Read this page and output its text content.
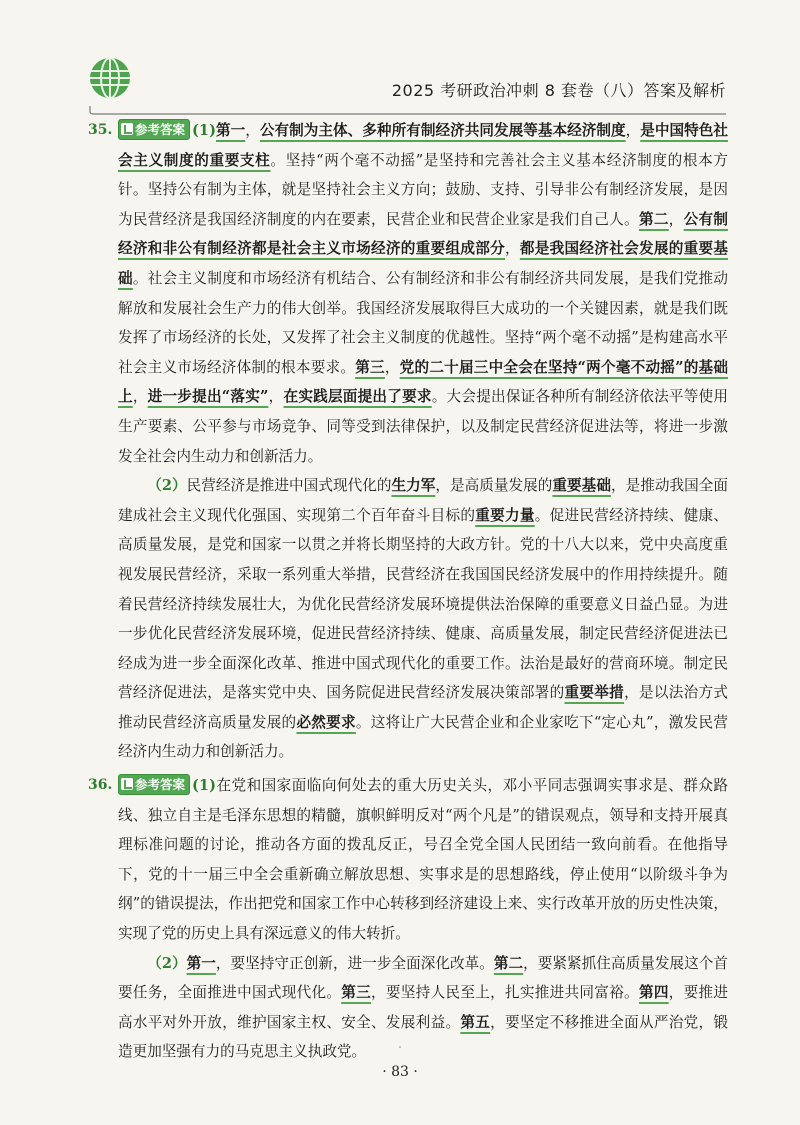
2025 考研政治冲刺 8 套卷（八）答案及解析
35.	参考答案 (1)第一，公有制为主体、多种所有制经济共同发展等基本经济制度，是中国特色社会主义制度的重要支柱。坚持“两个毫不动摇”是坚持和完善社会主义基本经济制度的根本方针。坚持公有制为主体，就是坚持社会主义方向；鼓励、支持、引导非公有制经济发展，是因为民营经济是我国经济制度的内在要素，民营企业和民营企业家是我们自己人。第二，公有制经济和非公有制经济都是社会主义市场经济的重要组成部分，都是我国经济社会发展的重要基础。社会主义制度和市场经济有机结合、公有制经济和非公有制经济共同发展，是我们党推动解放和发展社会生产力的伟大创举。我国经济发展取得巨大成功的一个关键因素，就是我们既发挥了市场经济的长处，又发挥了社会主义制度的优越性。坚持“两个毫不动摇”是构建高水平社会主义市场经济体制的根本要求。第三，党的二十届三中全会在坚持“两个毫不动摇”的基础上，进一步提出“落实”，在实践层面提出了要求。大会提出保证各种所有制经济依法平等使用生产要素、公平参与市场竞争、同等受到法律保护，以及制定民营经济促进法等，将进一步激发全社会内生动力和创新活力。
（2）民营经济是推进中国式现代化的生力军，是高质量发展的重要基础，是推动我国全面建成社会主义现代化强国、实现第二个百年奋斗目标的重要力量。促进民营经济持续、健康、高质量发展，是党和国家一以贯之并将长期坚持的大政方针。党的十八大以来，党中央高度重视发展民营经济，采取一系列重大举措，民营经济在我国国民经济发展中的作用持续提升。随着民营经济持续发展壮大，为优化民营经济发展环境提供法治保障的重要意义日益凸显。为进一步优化民营经济发展环境，促进民营经济持续、健康、高质量发展，制定民营经济促进法已经成为进一步全面深化改革、推进中国式现代化的重要工作。法治是最好的营商环境。制定民营经济促进法，是落实党中央、国务院促进民营经济发展决策部署的重要举措，是以法治方式推动民营经济高质量发展的必然要求。这将让广大民营企业和企业家吃下“定心丸”，激发民营经济内生动力和创新活力。
36.	参考答案 (1)在党和国家面临向何处去的重大历史关头，邓小平同志强调实事求是、群众路线、独立自主是毛泽东思想的精髓，旗帜鲜明反对“两个凡是”的错误观点，领导和支持开展真理标准问题的讨论，推动各方面的拨乱反正，号召全党全国人民团结一致向前看。在他指导下，党的十一届三中全会重新确立解放思想、实事求是的思想路线，停止使用“以阶级斗争为纲”的错误提法，作出把党和国家工作中心转移到经济建设上来、实行改革开放的历史性决策，实现了党的历史上具有深远意义的伟大转折。
（2）第一，要坚持守正创新，进一步全面深化改革。第二，要紧紧抓住高质量发展这个首要任务，全面推进中国式现代化。第三，要坚持人民至上，扎实推进共同富裕。第四，要推进高水平对外开放，维护国家主权、安全、发展利益。第五，要坚定不移推进全面从严治党，锻造更加坚强有力的马克思主义执政党。
· 83 ·
